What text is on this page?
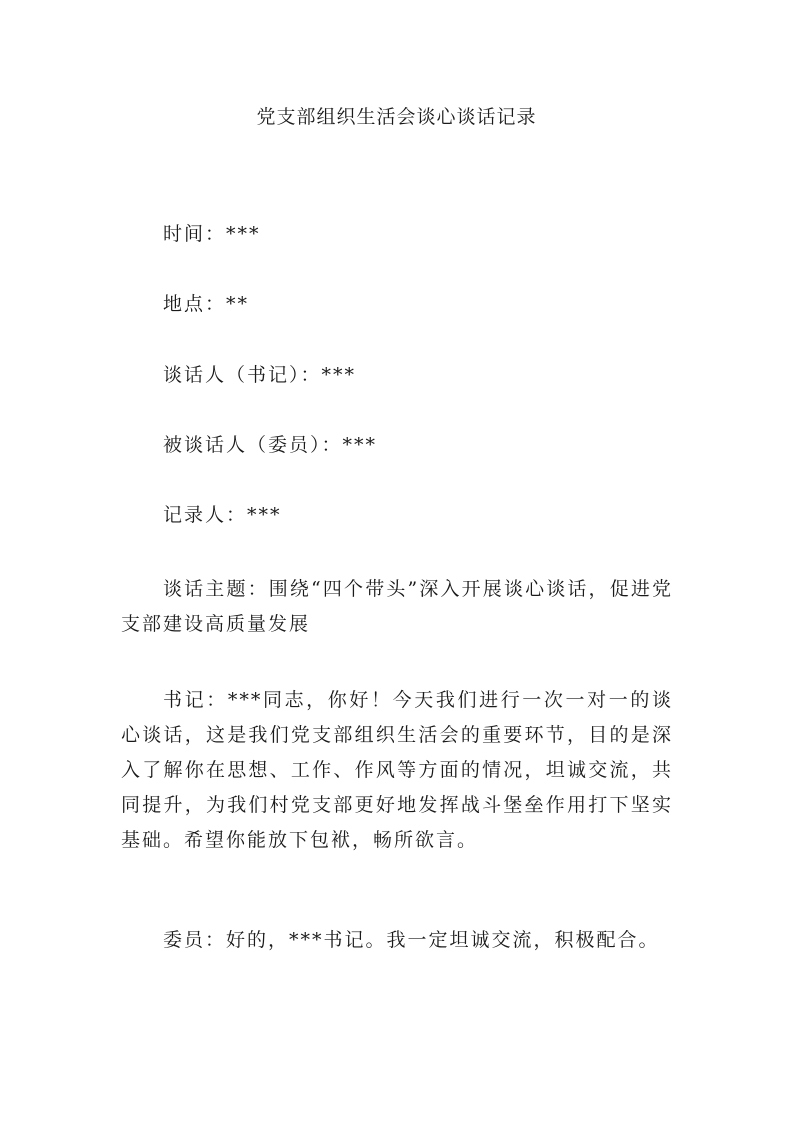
党支部组织生活会谈心谈话记录

时间：***

地点：**

谈话人（书记）：***

被谈话人（委员）：***

记录人：***

谈话主题：围绕“四个带头”深入开展谈心谈话，促进党支部建设高质量发展

书记：***同志，你好！今天我们进行一次一对一的谈心谈话，这是我们党支部组织生活会的重要环节，目的是深入了解你在思想、工作、作风等方面的情况，坦诚交流，共同提升，为我们村党支部更好地发挥战斗堡垒作用打下坚实基础。希望你能放下包袱，畅所欲言。

委员：好的，***书记。我一定坦诚交流，积极配合。
